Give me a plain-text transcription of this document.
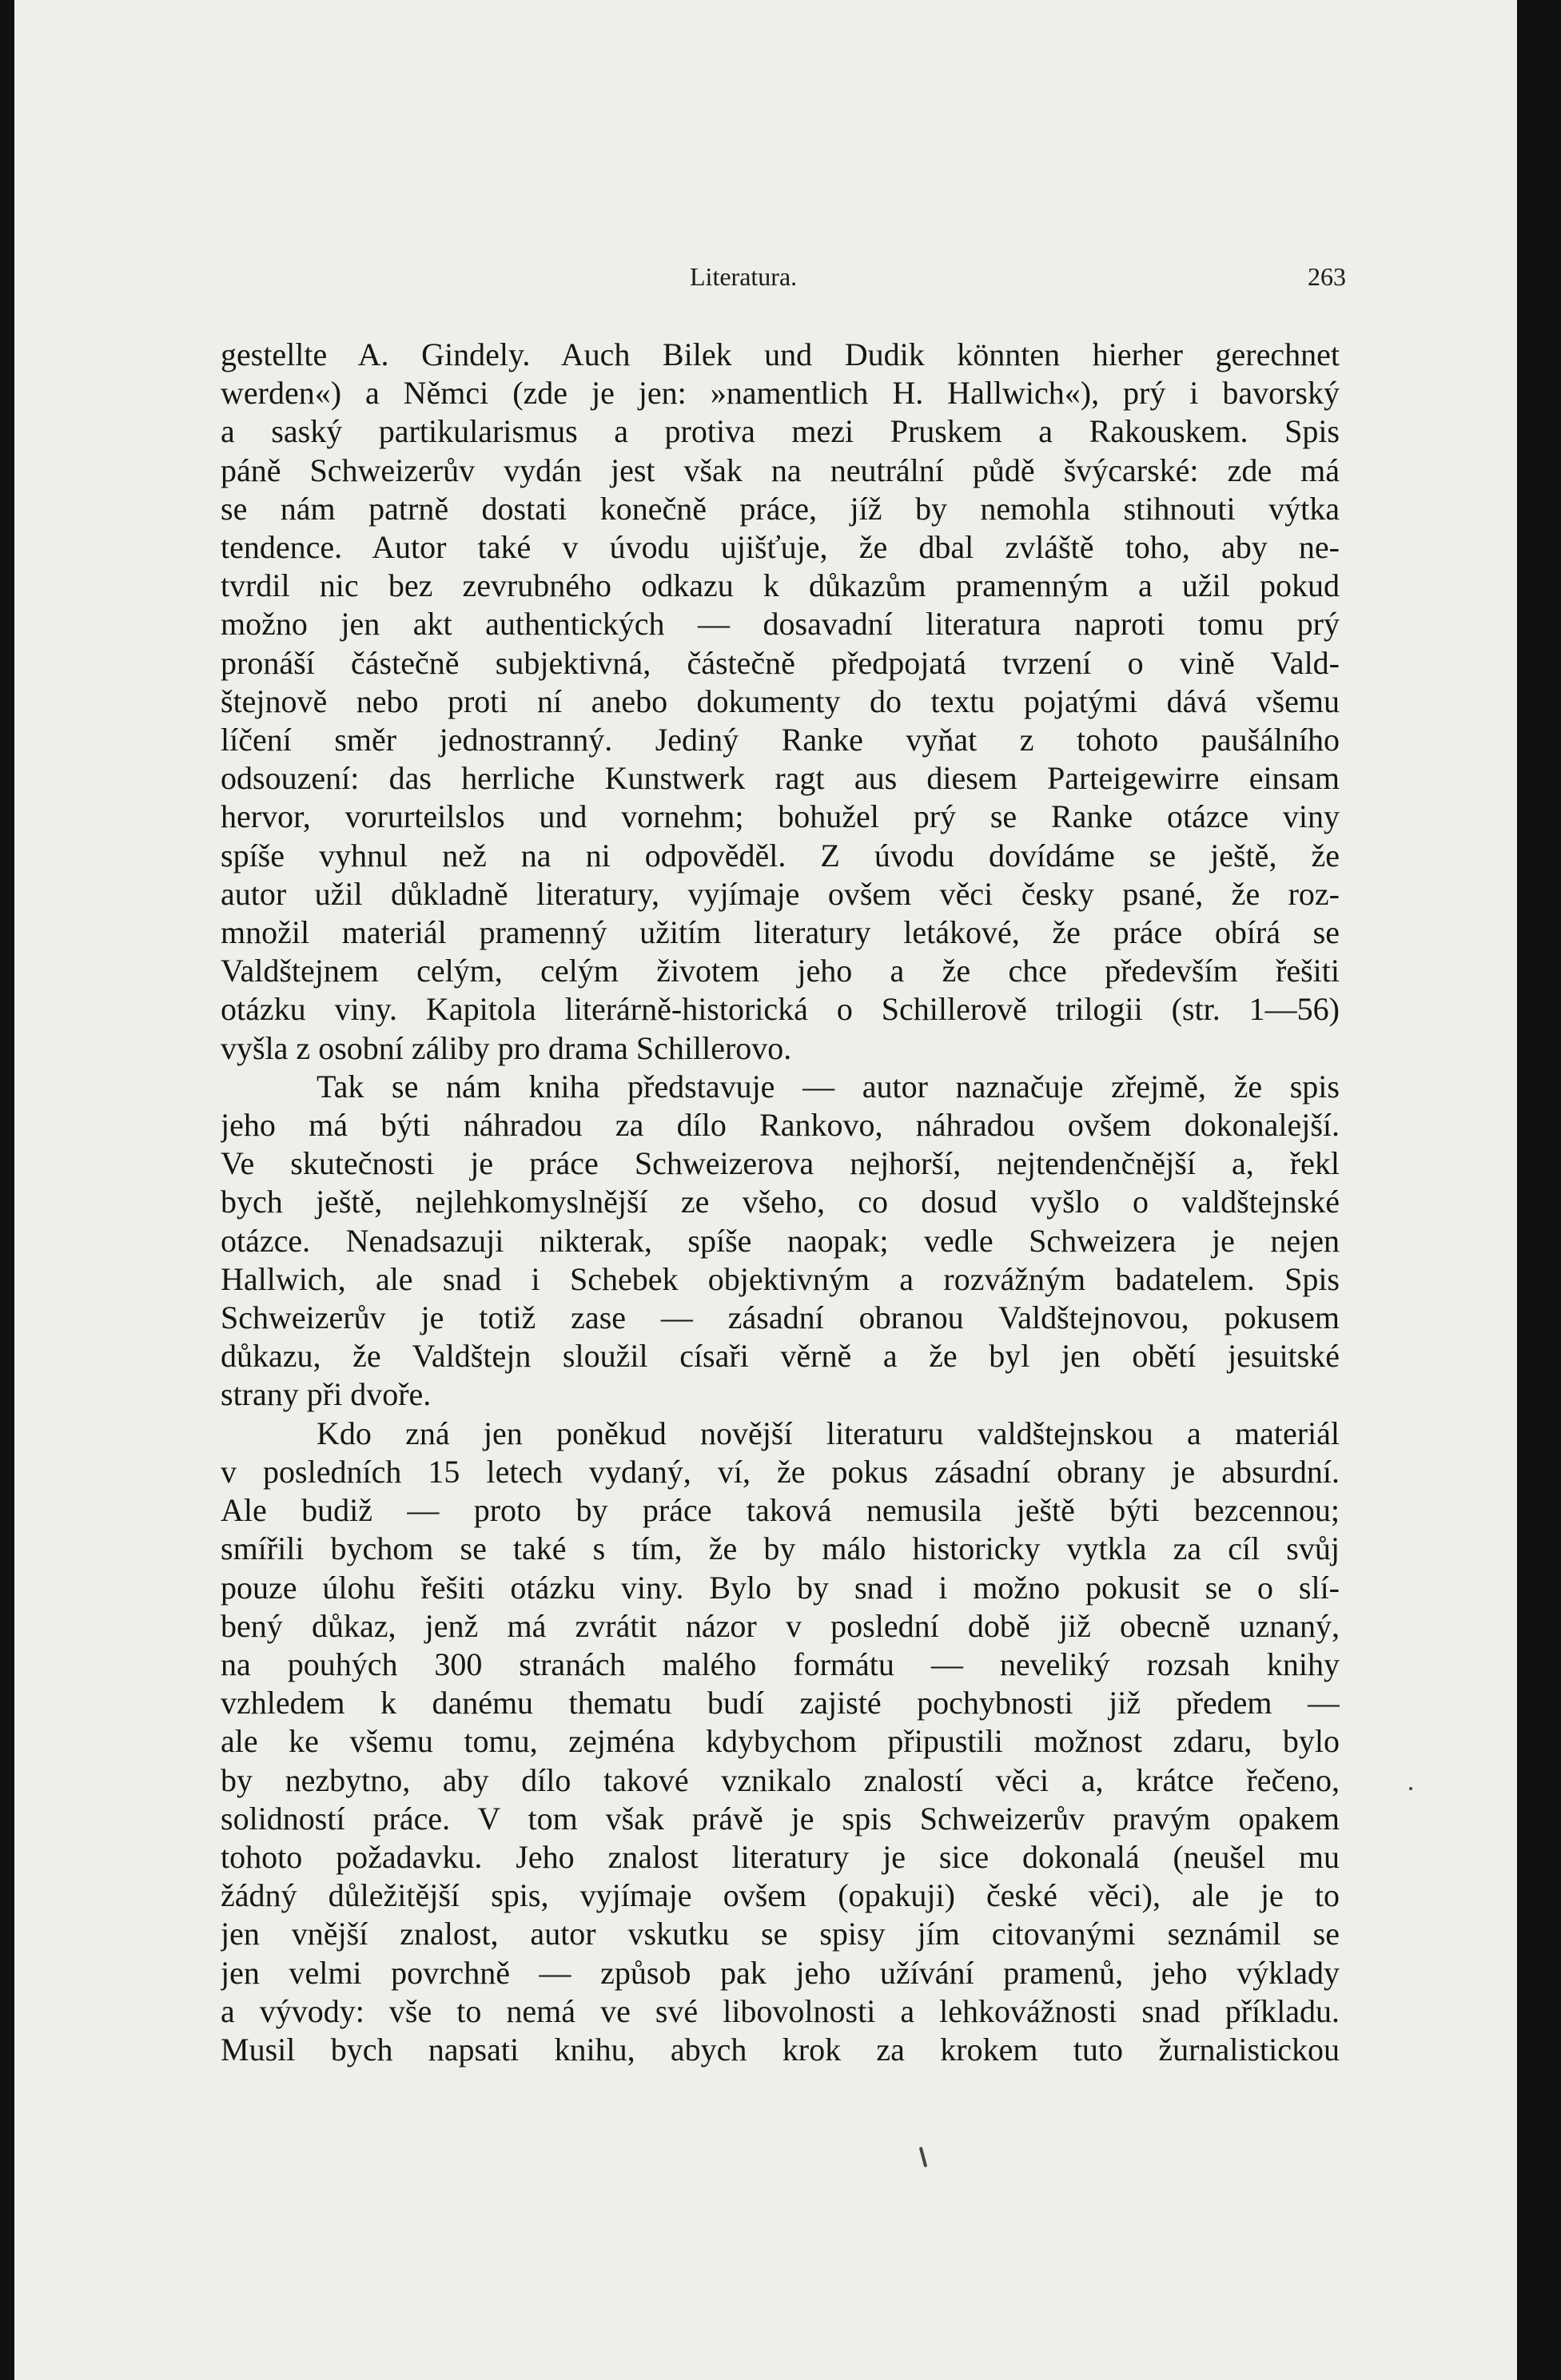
Literatura.	263
gestellte A. Gindely. Auch Bilek und Dudik könnten hierher gerechnet
werden«) a Němci (zde je jen: »namentlich H. Hallwich«), prý i bavorský
a saský partikularismus a protiva mezi Pruskem a Rakouskem. Spis
páně Schweizerův vydán jest však na neutrální půdě švýcarské: zde má
se nám patrně dostati konečně práce, jíž by nemohla stihnouti výtka
tendence. Autor také v úvodu ujišťuje, že dbal zvláště toho, aby ne-
tvrdil nic bez zevrubného odkazu k důkazům pramenným a užil pokud
možno jen akt authentických — dosavadní literatura naproti tomu prý
pronáší částečně subjektivná, částečně předpojatá tvrzení o vině Vald-
štejnově nebo proti ní anebo dokumenty do textu pojatými dává všemu
líčení směr jednostranný. Jediný Ranke vyňat z tohoto paušálního
odsouzení: das herrliche Kunstwerk ragt aus diesem Parteigewirre einsam
hervor, vorurteilslos und vornehm; bohužel prý se Ranke otázce viny
spíše vyhnul než na ni odpověděl. Z úvodu dovídáme se ještě, že
autor užil důkladně literatury, vyjímaje ovšem věci česky psané, že roz-
množil materiál pramenný užitím literatury letákové, že práce obírá se
Valdštejnem celým, celým životem jeho a že chce především řešiti
otázku viny. Kapitola literárně-historická o Schillerově trilogii (str. 1—56)
vyšla z osobní záliby pro drama Schillerovo.
Tak se nám kniha představuje — autor naznačuje zřejmě, že spis
jeho má býti náhradou za dílo Rankovo, náhradou ovšem dokonalejší.
Ve skutečnosti je práce Schweizerova nejhorší, nejtendenčnější a, řekl
bych ještě, nejlehkomyslnější ze všeho, co dosud vyšlo o valdštejnské
otázce. Nenadsazuji nikterak, spíše naopak; vedle Schweizera je nejen
Hallwich, ale snad i Schebek objektivným a rozvážným badatelem. Spis
Schweizerův je totiž zase — zásadní obranou Valdštejnovou, pokusem
důkazu, že Valdštejn sloužil císaři věrně a že byl jen obětí jesuitské
strany při dvoře.
Kdo zná jen poněkud novější literaturu valdštejnskou a materiál
v posledních 15 letech vydaný, ví, že pokus zásadní obrany je absurdní.
Ale budiž — proto by práce taková nemusila ještě býti bezcennou;
smířili bychom se také s tím, že by málo historicky vytkla za cíl svůj
pouze úlohu řešiti otázku viny. Bylo by snad i možno pokusit se o slí-
bený důkaz, jenž má zvrátit názor v poslední době již obecně uznaný,
na pouhých 300 stranách malého formátu — neveliký rozsah knihy
vzhledem k danému thematu budí zajisté pochybnosti již předem —
ale ke všemu tomu, zejména kdybychom připustili možnost zdaru, bylo
by nezbytno, aby dílo takové vznikalo znalostí věci a, krátce řečeno,
solidností práce. V tom však právě je spis Schweizerův pravým opakem
tohoto požadavku. Jeho znalost literatury je sice dokonalá (neušel mu
žádný důležitější spis, vyjímaje ovšem (opakuji) české věci), ale je to
jen vnější znalost, autor vskutku se spisy jím citovanými seznámil se
jen velmi povrchně — způsob pak jeho užívání pramenů, jeho výklady
a vývody: vše to nemá ve své libovolnosti a lehkovážnosti snad příkladu.
Musil bych napsati knihu, abych krok za krokem tuto žurnalistickou
